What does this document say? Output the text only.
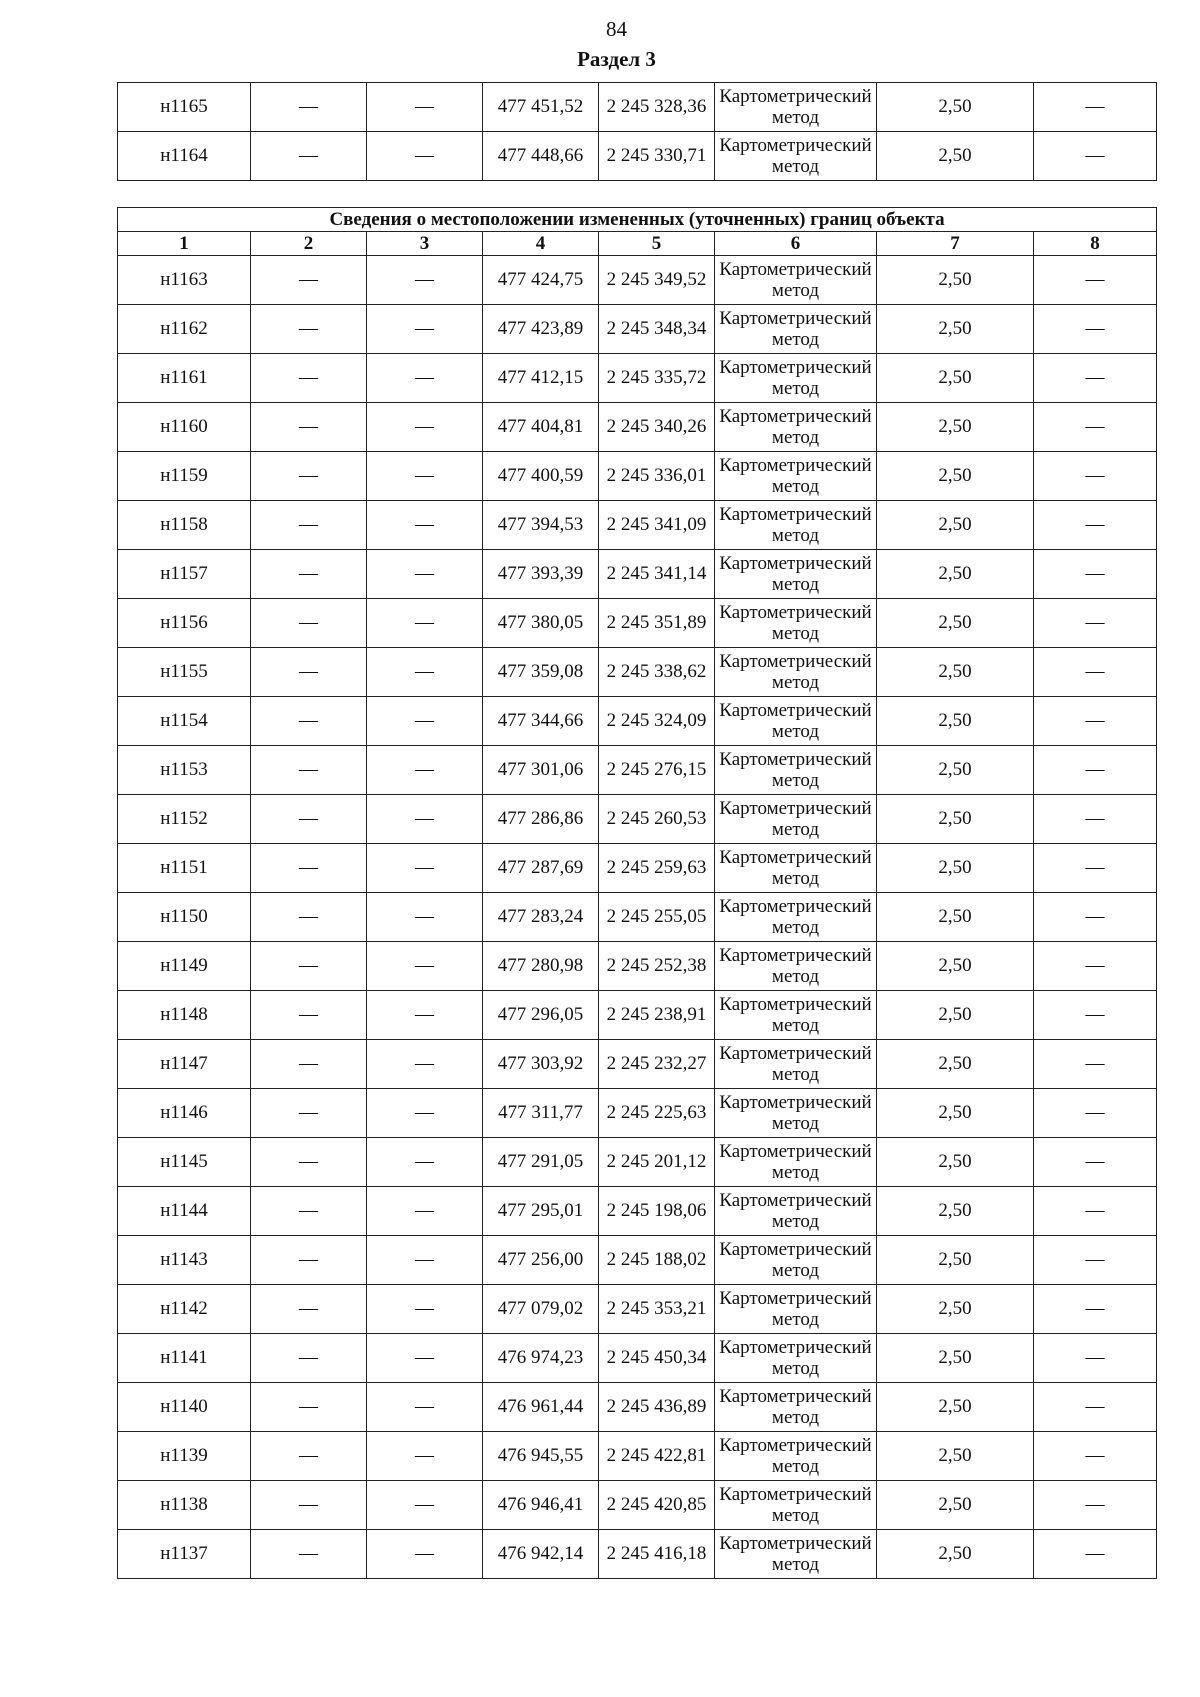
84
Раздел 3
н1165	—	—	477 451,52	2 245 328,36	Картометрический метод	2,50	—
н1164	—	—	477 448,66	2 245 330,71	Картометрический метод	2,50	—
Сведения о местоположении измененных (уточненных) границ объекта							
1	2	3	4	5	6	7	8
н1163	—	—	477 424,75	2 245 349,52	Картометрический метод	2,50	—
н1162	—	—	477 423,89	2 245 348,34	Картометрический метод	2,50	—
н1161	—	—	477 412,15	2 245 335,72	Картометрический метод	2,50	—
н1160	—	—	477 404,81	2 245 340,26	Картометрический метод	2,50	—
н1159	—	—	477 400,59	2 245 336,01	Картометрический метод	2,50	—
н1158	—	—	477 394,53	2 245 341,09	Картометрический метод	2,50	—
н1157	—	—	477 393,39	2 245 341,14	Картометрический метод	2,50	—
н1156	—	—	477 380,05	2 245 351,89	Картометрический метод	2,50	—
н1155	—	—	477 359,08	2 245 338,62	Картометрический метод	2,50	—
н1154	—	—	477 344,66	2 245 324,09	Картометрический метод	2,50	—
н1153	—	—	477 301,06	2 245 276,15	Картометрический метод	2,50	—
н1152	—	—	477 286,86	2 245 260,53	Картометрический метод	2,50	—
н1151	—	—	477 287,69	2 245 259,63	Картометрический метод	2,50	—
н1150	—	—	477 283,24	2 245 255,05	Картометрический метод	2,50	—
н1149	—	—	477 280,98	2 245 252,38	Картометрический метод	2,50	—
н1148	—	—	477 296,05	2 245 238,91	Картометрический метод	2,50	—
н1147	—	—	477 303,92	2 245 232,27	Картометрический метод	2,50	—
н1146	—	—	477 311,77	2 245 225,63	Картометрический метод	2,50	—
н1145	—	—	477 291,05	2 245 201,12	Картометрический метод	2,50	—
н1144	—	—	477 295,01	2 245 198,06	Картометрический метод	2,50	—
н1143	—	—	477 256,00	2 245 188,02	Картометрический метод	2,50	—
н1142	—	—	477 079,02	2 245 353,21	Картометрический метод	2,50	—
н1141	—	—	476 974,23	2 245 450,34	Картометрический метод	2,50	—
н1140	—	—	476 961,44	2 245 436,89	Картометрический метод	2,50	—
н1139	—	—	476 945,55	2 245 422,81	Картометрический метод	2,50	—
н1138	—	—	476 946,41	2 245 420,85	Картометрический метод	2,50	—
н1137	—	—	476 942,14	2 245 416,18	Картометрический метод	2,50	—
